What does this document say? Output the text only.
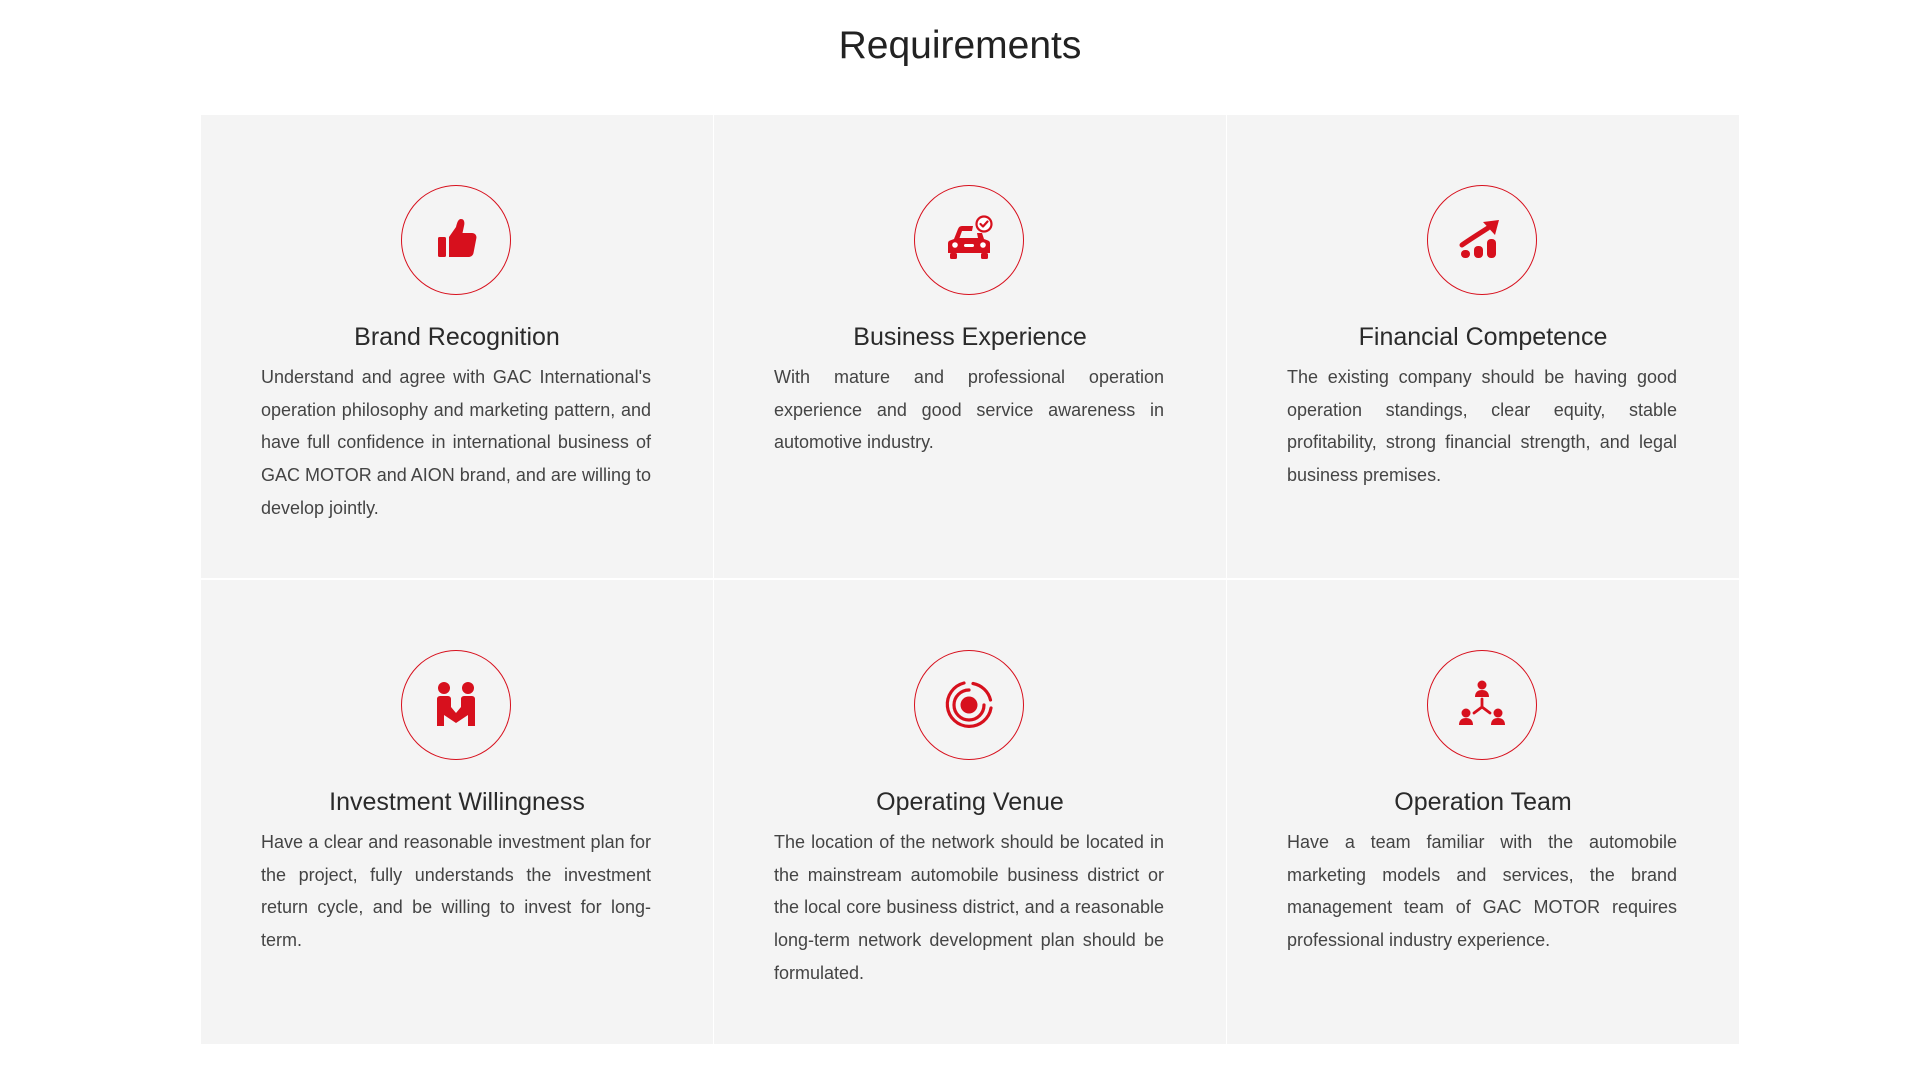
Requirements
Brand Recognition

Understand and agree with GAC International's operation philosophy and marketing pattern, and have full confidence in international business of GAC MOTOR and AION brand, and are willing to develop jointly.

Business Experience

With mature and professional operation experience and good service awareness in automotive industry.

Financial Competence

The existing company should be having good operation standings, clear equity, stable profitability, strong financial strength, and legal business premises.

Investment Willingness

Have a clear and reasonable investment plan for the project, fully understands the investment return cycle, and be willing to invest for long-term.

Operating Venue

The location of the network should be located in the mainstream automobile business district or the local core business district, and a reasonable long-term network development plan should be formulated.

Operation Team

Have a team familiar with the automobile marketing models and services, the brand management team of GAC MOTOR requires professional industry experience.
